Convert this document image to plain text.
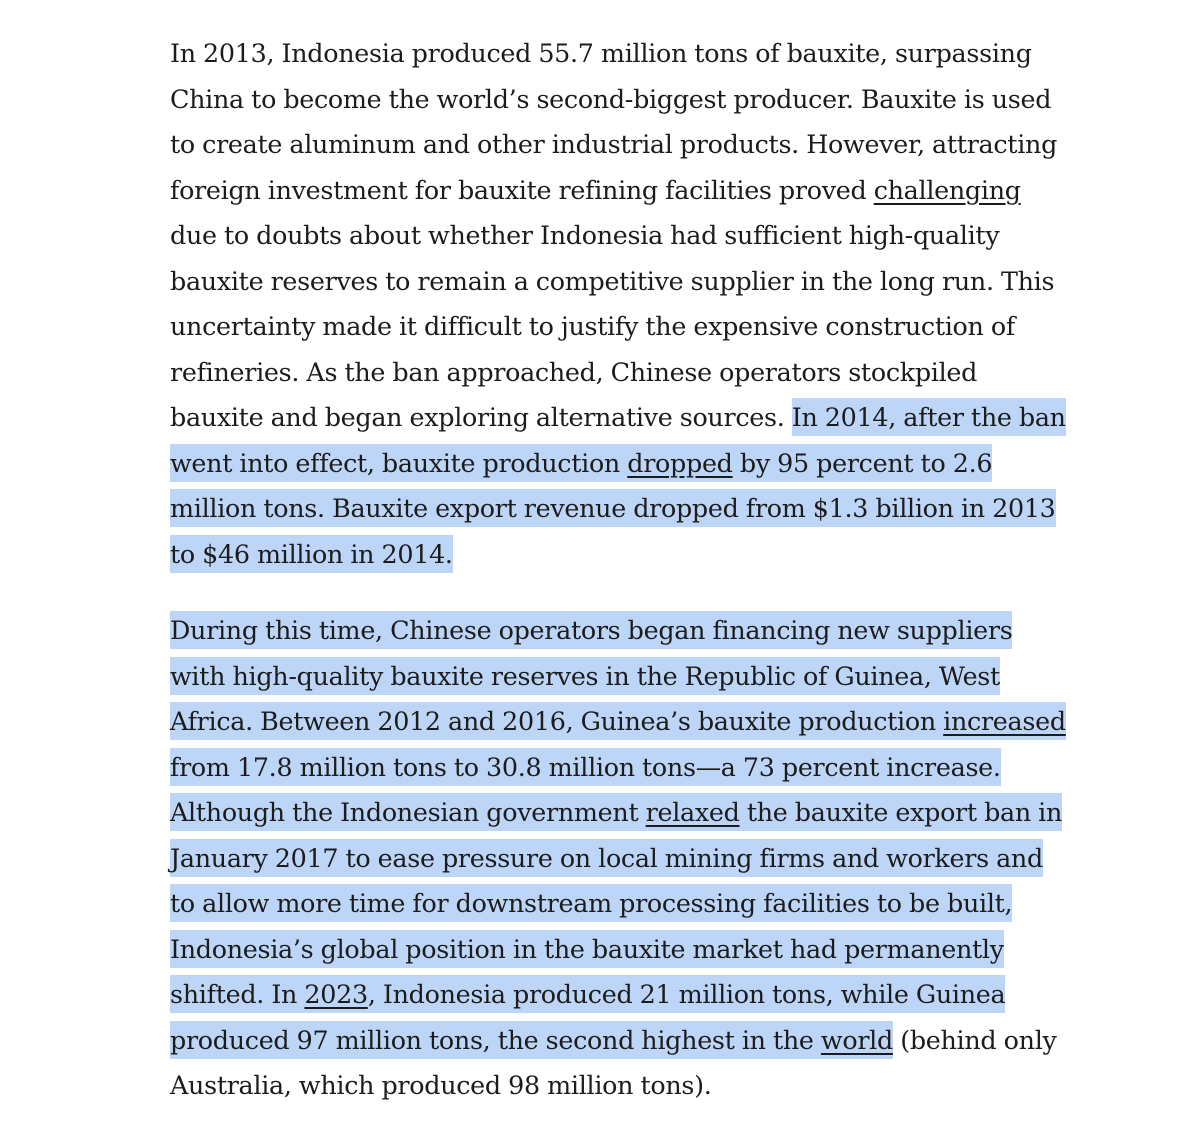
In 2013, Indonesia produced 55.7 million tons of bauxite, surpassing China to become the world’s second-biggest producer. Bauxite is used to create aluminum and other industrial products. However, attracting foreign investment for bauxite refining facilities proved challenging due to doubts about whether Indonesia had sufficient high-quality bauxite reserves to remain a competitive supplier in the long run. This uncertainty made it difficult to justify the expensive construction of refineries. As the ban approached, Chinese operators stockpiled bauxite and began exploring alternative sources. In 2014, after the ban went into effect, bauxite production dropped by 95 percent to 2.6 million tons. Bauxite export revenue dropped from $1.3 billion in 2013 to $46 million in 2014.

During this time, Chinese operators began financing new suppliers with high-quality bauxite reserves in the Republic of Guinea, West Africa. Between 2012 and 2016, Guinea’s bauxite production increased from 17.8 million tons to 30.8 million tons—a 73 percent increase. Although the Indonesian government relaxed the bauxite export ban in January 2017 to ease pressure on local mining firms and workers and to allow more time for downstream processing facilities to be built, Indonesia’s global position in the bauxite market had permanently shifted. In 2023, Indonesia produced 21 million tons, while Guinea produced 97 million tons, the second highest in the world (behind only Australia, which produced 98 million tons).
